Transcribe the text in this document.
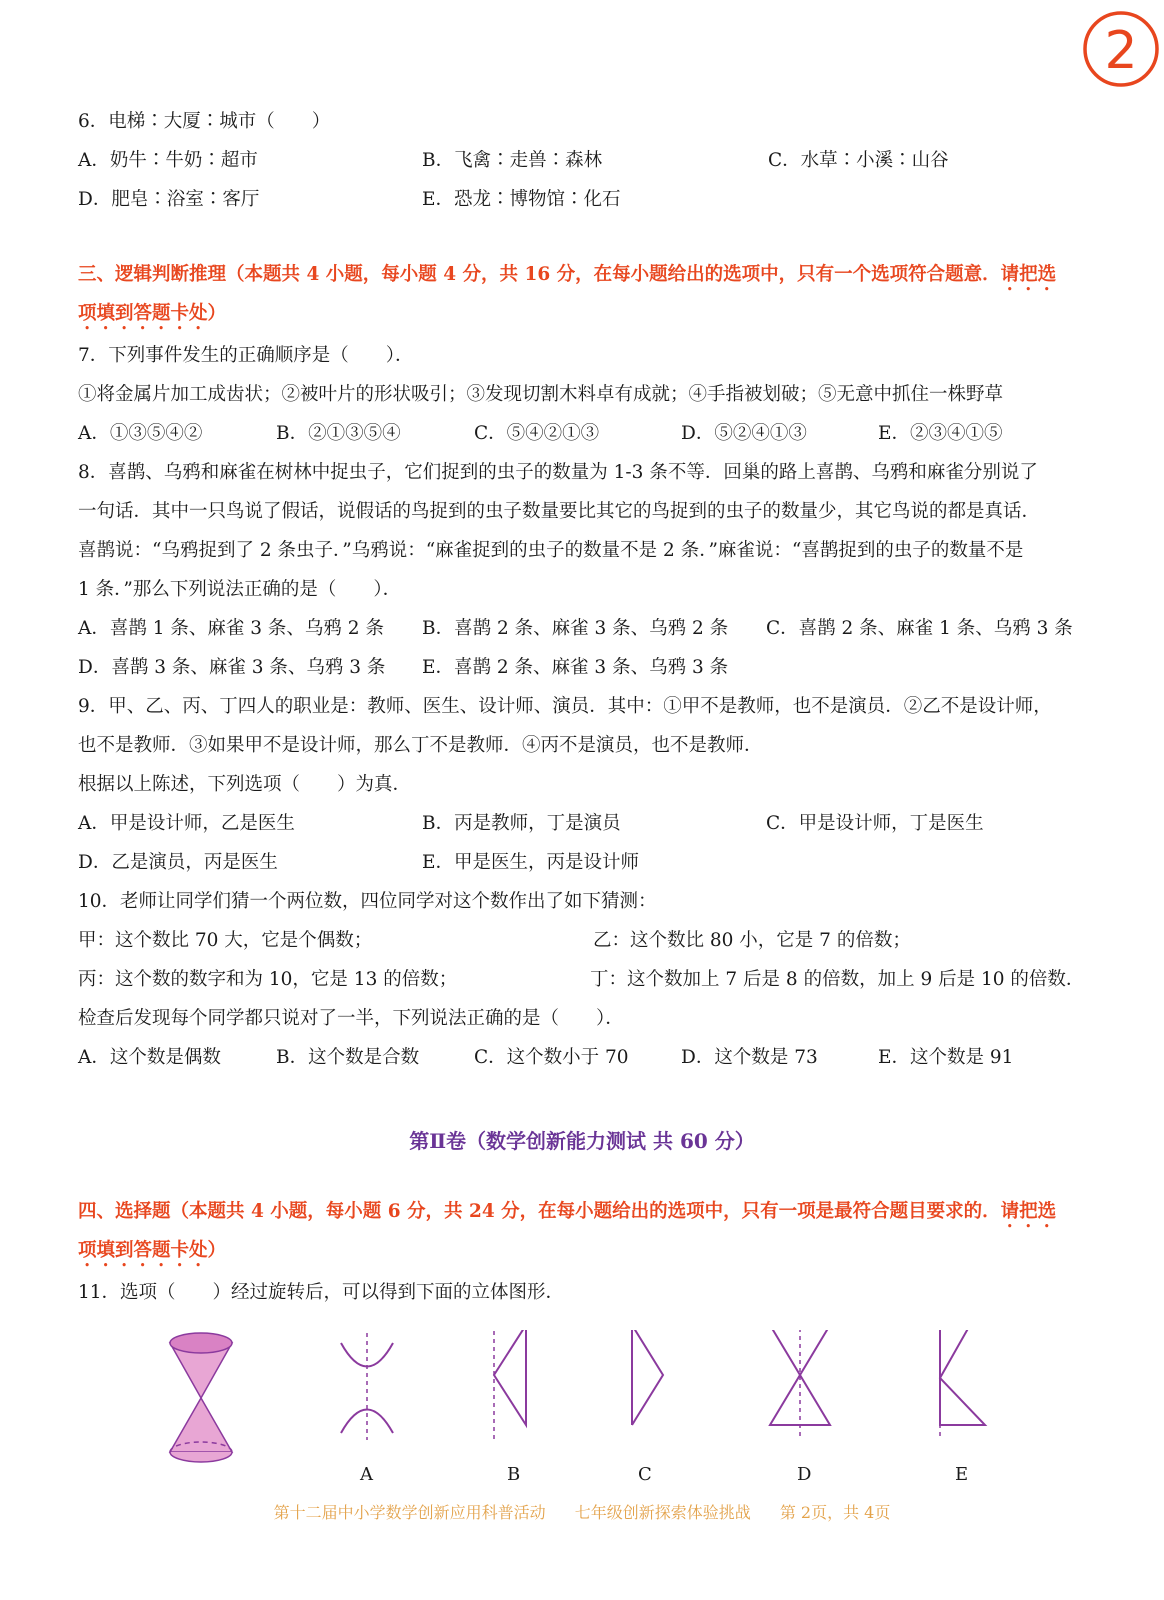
2
6．电梯∶大厦∶城市（　　）
A．奶牛∶牛奶∶超市	B．飞禽∶走兽∶森林	C．水草∶小溪∶山谷
D．肥皂∶浴室∶客厅	E．恐龙∶博物馆∶化石
三、逻辑判断推理（本题共 4 小题，每小题 4 分，共 16 分，在每小题给出的选项中，只有一个选项符合题意．请把选
项填到答题卡处）
7．下列事件发生的正确顺序是（　　）．
①将金属片加工成齿状；②被叶片的形状吸引；③发现切割木料卓有成就；④手指被划破；⑤无意中抓住一株野草
A．①③⑤④②	B．②①③⑤④	C．⑤④②①③	D．⑤②④①③	E．②③④①⑤
8．喜鹊、乌鸦和麻雀在树林中捉虫子，它们捉到的虫子的数量为 1-3 条不等．回巢的路上喜鹊、乌鸦和麻雀分别说了
一句话．其中一只鸟说了假话，说假话的鸟捉到的虫子数量要比其它的鸟捉到的虫子的数量少，其它鸟说的都是真话．
喜鹊说：“乌鸦捉到了 2 条虫子．”乌鸦说：“麻雀捉到的虫子的数量不是 2 条．”麻雀说：“喜鹊捉到的虫子的数量不是
1 条．”那么下列说法正确的是（　　）．
A．喜鹊 1 条、麻雀 3 条、乌鸦 2 条 B．喜鹊 2 条、麻雀 3 条、乌鸦 2 条 C．喜鹊 2 条、麻雀 1 条、乌鸦 3 条
D．喜鹊 3 条、麻雀 3 条、乌鸦 3 条 E．喜鹊 2 条、麻雀 3 条、乌鸦 3 条
9．甲、乙、丙、丁四人的职业是：教师、医生、设计师、演员．其中：①甲不是教师，也不是演员．②乙不是设计师，
也不是教师．③如果甲不是设计师，那么丁不是教师．④丙不是演员，也不是教师．
根据以上陈述，下列选项（　　）为真．
A．甲是设计师，乙是医生	B．丙是教师，丁是演员	C．甲是设计师，丁是医生
D．乙是演员，丙是医生	E．甲是医生，丙是设计师
10．老师让同学们猜一个两位数，四位同学对这个数作出了如下猜测：
甲：这个数比 70 大，它是个偶数；	乙：这个数比 80 小，它是 7 的倍数；
丙：这个数的数字和为 10，它是 13 的倍数；	丁：这个数加上 7 后是 8 的倍数，加上 9 后是 10 的倍数．
检查后发现每个同学都只说对了一半，下列说法正确的是（　　）．
A．这个数是偶数	B．这个数是合数	C．这个数小于 70	D．这个数是 73	E．这个数是 91
第Ⅱ卷（数学创新能力测试 共 60 分）
四、选择题（本题共 4 小题，每小题 6 分，共 24 分，在每小题给出的选项中，只有一项是最符合题目要求的．请把选
项填到答题卡处）
11．选项（　　）经过旋转后，可以得到下面的立体图形．
A	B	C	D	E
第十二届中小学数学创新应用科普活动 七年级创新探索体验挑战 第 2页，共 4页
